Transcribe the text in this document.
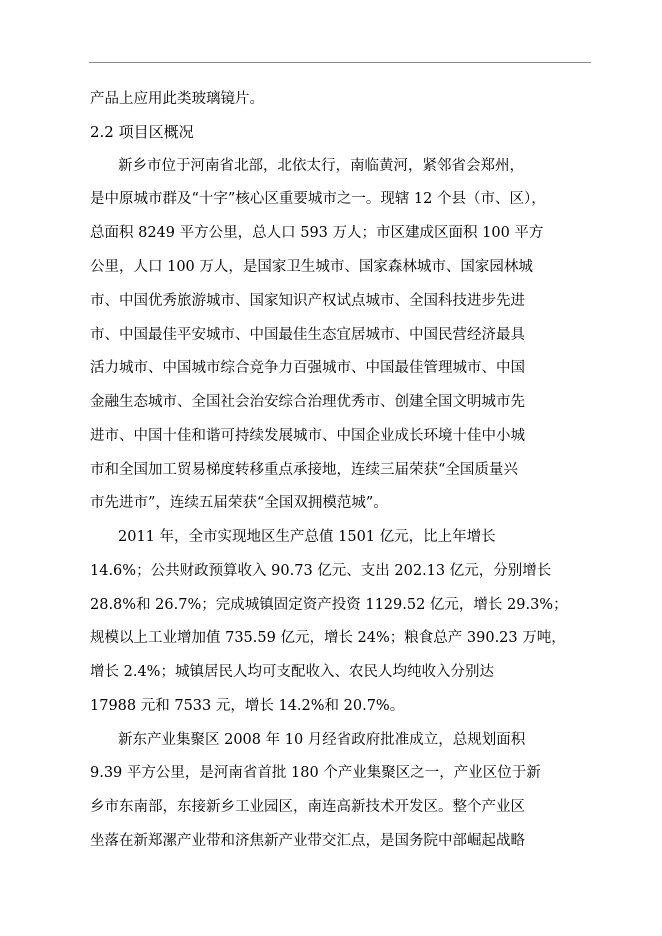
产品上应用此类玻璃镜片。
2.2 项目区概况
新乡市位于河南省北部，北依太行，南临黄河，紧邻省会郑州，
是中原城市群及“十字”核心区重要城市之一。现辖 12 个县（市、区），
总面积 8249 平方公里，总人口 593 万人；市区建成区面积 100 平方
公里，人口 100 万人，是国家卫生城市、国家森林城市、国家园林城
市、中国优秀旅游城市、国家知识产权试点城市、全国科技进步先进
市、中国最佳平安城市、中国最佳生态宜居城市、中国民营经济最具
活力城市、中国城市综合竞争力百强城市、中国最佳管理城市、中国
金融生态城市、全国社会治安综合治理优秀市、创建全国文明城市先
进市、中国十佳和谐可持续发展城市、中国企业成长环境十佳中小城
市和全国加工贸易梯度转移重点承接地，连续三届荣获“全国质量兴
市先进市”，连续五届荣获“全国双拥模范城”。
2011 年，全市实现地区生产总值 1501 亿元，比上年增长
14.6%；公共财政预算收入 90.73 亿元、支出 202.13 亿元，分别增长
28.8%和 26.7%；完成城镇固定资产投资 1129.52 亿元，增长 29.3%；
规模以上工业增加值 735.59 亿元，增长 24%；粮食总产 390.23 万吨，
增长 2.4%；城镇居民人均可支配收入、农民人均纯收入分别达
17988 元和 7533 元，增长 14.2%和 20.7%。
新东产业集聚区 2008 年 10 月经省政府批准成立，总规划面积
9.39 平方公里，是河南省首批 180 个产业集聚区之一，产业区位于新
乡市东南部，东接新乡工业园区，南连高新技术开发区。整个产业区
坐落在新郑漯产业带和济焦新产业带交汇点，是国务院中部崛起战略
